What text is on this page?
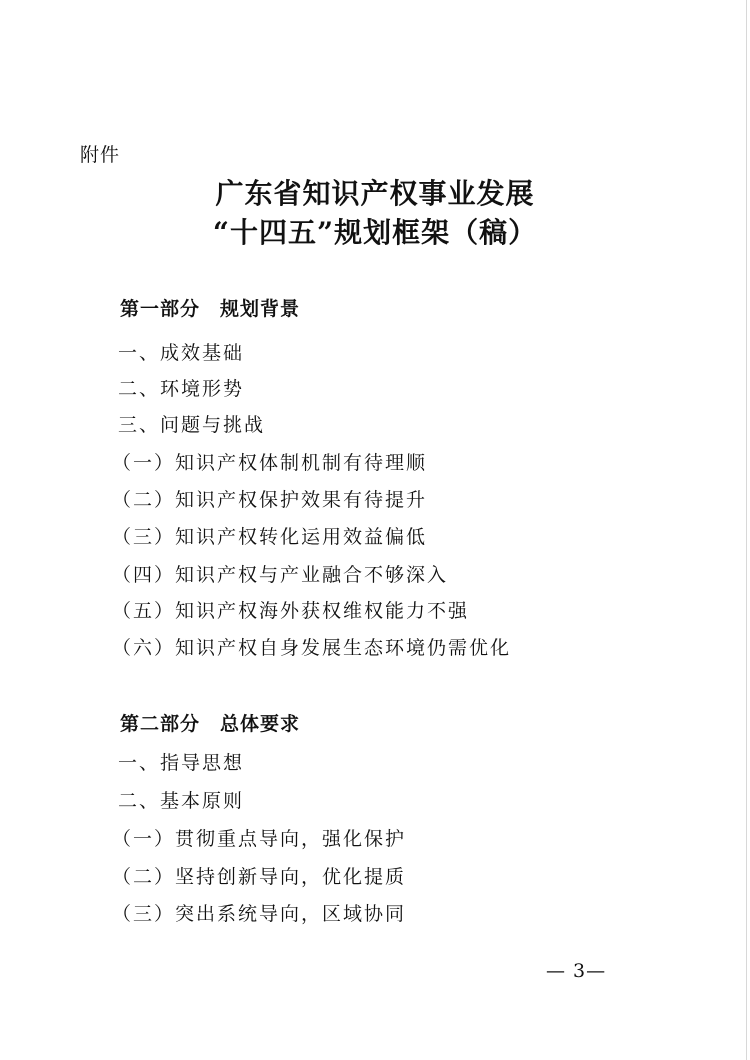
附件
广东省知识产权事业发展
“十四五”规划框架（稿）
第一部分　规划背景
一、成效基础
二、环境形势
三、问题与挑战
（一）知识产权体制机制有待理顺
（二）知识产权保护效果有待提升
（三）知识产权转化运用效益偏低
（四）知识产权与产业融合不够深入
（五）知识产权海外获权维权能力不强
（六）知识产权自身发展生态环境仍需优化
第二部分　总体要求
一、指导思想
二、基本原则
（一）贯彻重点导向，强化保护
（二）坚持创新导向，优化提质
（三）突出系统导向，区域协同
— 3—
